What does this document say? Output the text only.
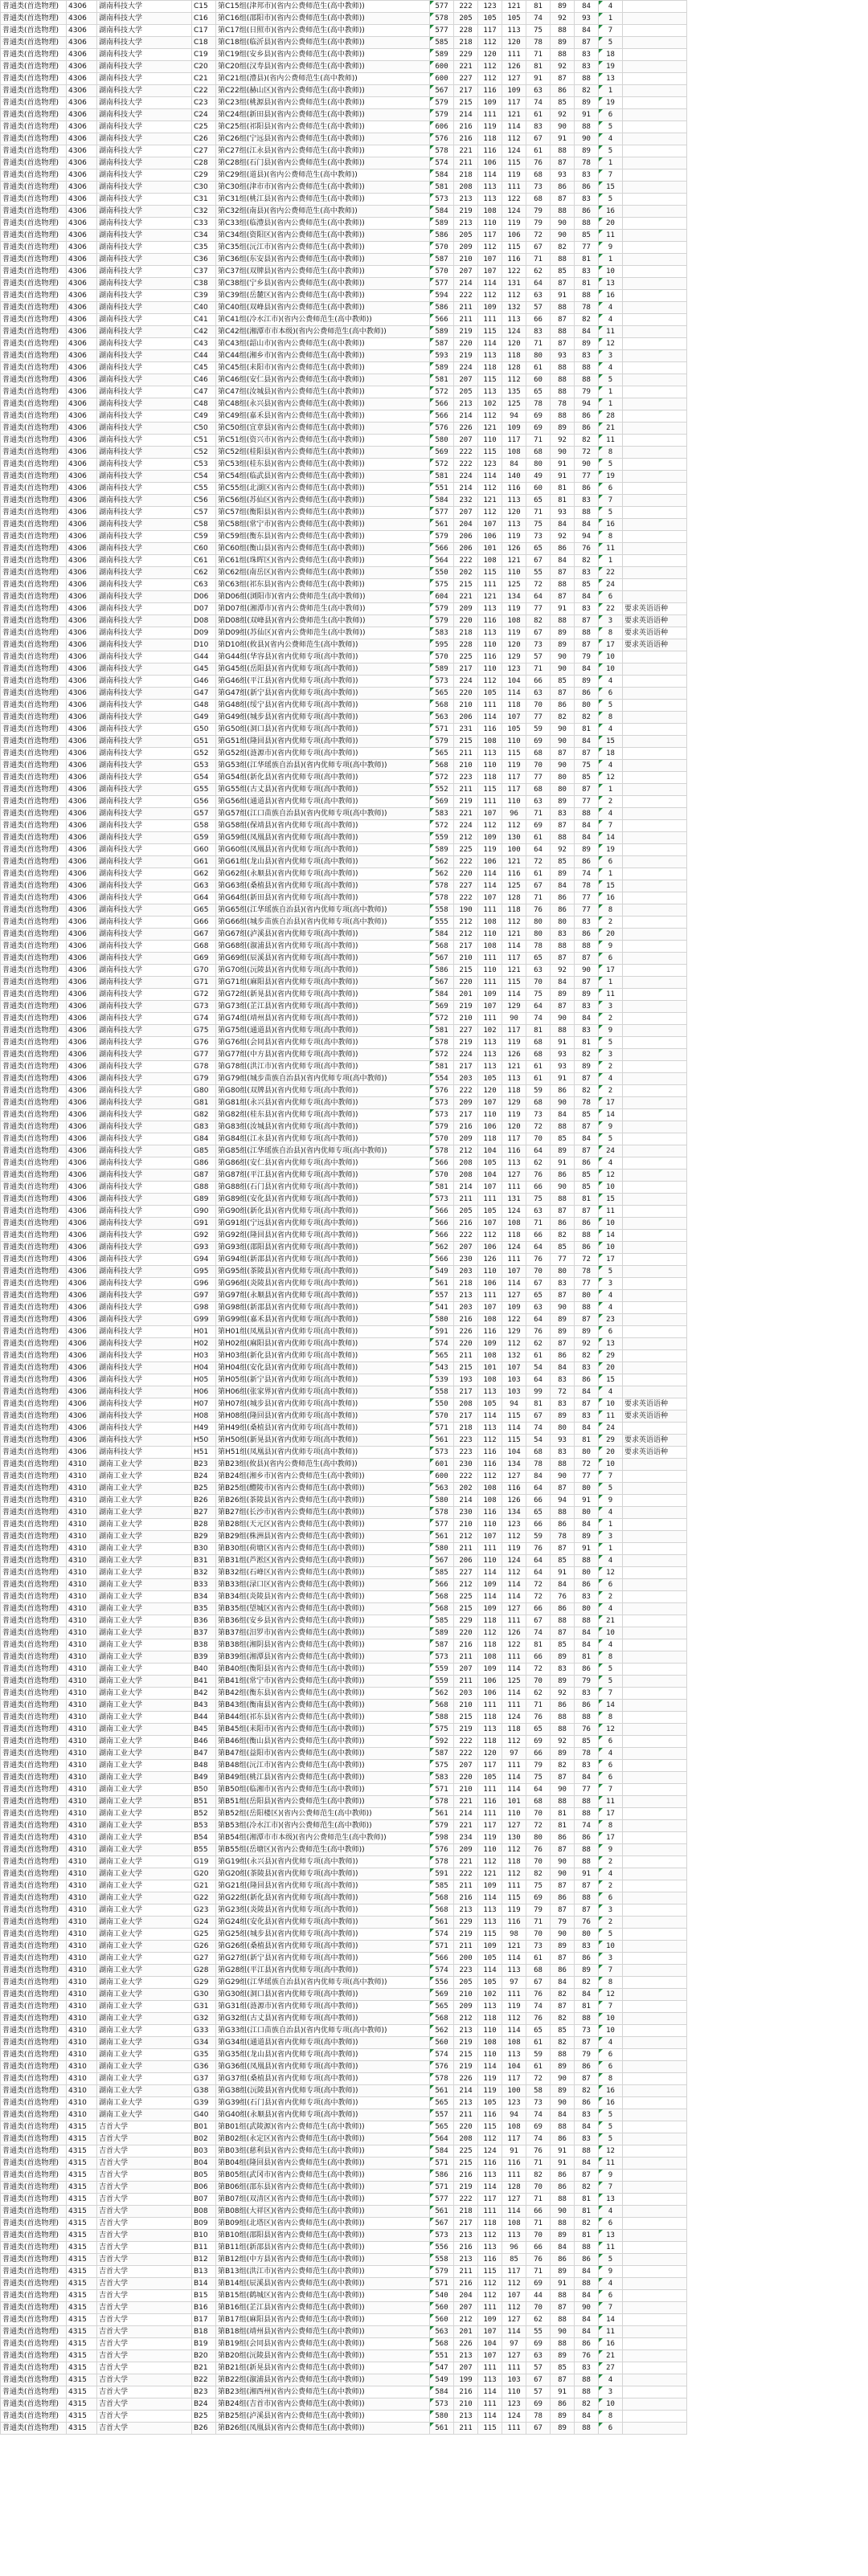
普通类(首选物理)	4306	湖南科技大学	C15	第C15组(津邦市)(省内公费师范生(高中教师))	577	222	123	121	81	89	84	4	
普通类(首选物理)	4306	湖南科技大学	C16	第C16组(邵阳市)(省内公费师范生(高中教师))	578	205	105	105	74	92	93	1	
普通类(首选物理)	4306	湖南科技大学	C17	第C17组(日照市)(省内公费师范生(高中教师))	577	228	117	113	75	88	84	7	
普通类(首选物理)	4306	湖南科技大学	C18	第C18组(临沂县)(省内公费师范生(高中教师))	585	218	112	120	78	89	87	5	
普通类(首选物理)	4306	湖南科技大学	C19	第C19组(安乡县)(省内公费师范生(高中教师))	589	229	120	111	71	88	83	18	
普通类(首选物理)	4306	湖南科技大学	C20	第C20组(汉寿县)(省内公费师范生(高中教师))	600	221	112	126	81	92	83	19	
普通类(首选物理)	4306	湖南科技大学	C21	第C21组(澧县)(省内公费师范生(高中教师))	600	227	112	127	91	87	88	13	
普通类(首选物理)	4306	湖南科技大学	C22	第C22组(赫山区)(省内公费师范生(高中教师))	567	217	116	109	63	86	82	1	
普通类(首选物理)	4306	湖南科技大学	C23	第C23组(桃源县)(省内公费师范生(高中教师))	579	215	109	117	74	85	89	19	
普通类(首选物理)	4306	湖南科技大学	C24	第C24组(新田县)(省内公费师范生(高中教师))	579	214	111	121	61	92	91	6	
普通类(首选物理)	4306	湖南科技大学	C25	第C25组(祁阳县)(省内公费师范生(高中教师))	606	216	119	114	83	90	88	5	
普通类(首选物理)	4306	湖南科技大学	C26	第C26组(宁远县)(省内公费师范生(高中教师))	576	216	118	112	67	91	90	4	
普通类(首选物理)	4306	湖南科技大学	C27	第C27组(江永县)(省内公费师范生(高中教师))	578	221	116	124	61	88	89	5	
普通类(首选物理)	4306	湖南科技大学	C28	第C28组(石门县)(省内公费师范生(高中教师))	574	211	106	115	76	87	78	1	
普通类(首选物理)	4306	湖南科技大学	C29	第C29组(道县)(省内公费师范生(高中教师))	584	218	114	119	68	93	83	7	
普通类(首选物理)	4306	湖南科技大学	C30	第C30组(津市市)(省内公费师范生(高中教师))	581	208	113	111	73	86	86	15	
普通类(首选物理)	4306	湖南科技大学	C31	第C31组(桃江县)(省内公费师范生(高中教师))	573	213	113	122	68	87	83	5	
普通类(首选物理)	4306	湖南科技大学	C32	第C32组(南县)(省内公费师范生(高中教师))	584	219	108	124	79	88	86	16	
普通类(首选物理)	4306	湖南科技大学	C33	第C33组(临澧县)(省内公费师范生(高中教师))	589	213	110	119	79	90	88	20	
普通类(首选物理)	4306	湖南科技大学	C34	第C34组(资阳区)(省内公费师范生(高中教师))	586	205	117	106	72	90	85	11	
普通类(首选物理)	4306	湖南科技大学	C35	第C35组(沅江市)(省内公费师范生(高中教师))	570	209	112	115	67	82	77	9	
普通类(首选物理)	4306	湖南科技大学	C36	第C36组(东安县)(省内公费师范生(高中教师))	587	210	107	116	71	88	81	1	
普通类(首选物理)	4306	湖南科技大学	C37	第C37组(双牌县)(省内公费师范生(高中教师))	570	207	107	122	62	85	83	10	
普通类(首选物理)	4306	湖南科技大学	C38	第C38组(宁乡县)(省内公费师范生(高中教师))	577	214	114	131	64	87	81	13	
普通类(首选物理)	4306	湖南科技大学	C39	第C39组(岳麓区)(省内公费师范生(高中教师))	594	222	112	112	63	91	88	16	
普通类(首选物理)	4306	湖南科技大学	C40	第C40组(双峰县)(省内公费师范生(高中教师))	586	211	109	132	57	88	78	4	
普通类(首选物理)	4306	湖南科技大学	C41	第C41组(冷水江市)(省内公费师范生(高中教师))	566	211	111	113	66	87	82	4	
普通类(首选物理)	4306	湖南科技大学	C42	第C42组(湘潭市市本级)(省内公费师范生(高中教师))	589	219	115	124	83	88	84	11	
普通类(首选物理)	4306	湖南科技大学	C43	第C43组(韶山市)(省内公费师范生(高中教师))	587	220	114	120	71	87	89	12	
普通类(首选物理)	4306	湖南科技大学	C44	第C44组(湘乡市)(省内公费师范生(高中教师))	593	219	113	118	80	93	83	3	
普通类(首选物理)	4306	湖南科技大学	C45	第C45组(耒阳市)(省内公费师范生(高中教师))	589	224	118	128	61	88	88	4	
普通类(首选物理)	4306	湖南科技大学	C46	第C46组(安仁县)(省内公费师范生(高中教师))	581	207	115	112	60	88	88	5	
普通类(首选物理)	4306	湖南科技大学	C47	第C47组(汝城县)(省内公费师范生(高中教师))	572	205	113	135	65	88	79	1	
普通类(首选物理)	4306	湖南科技大学	C48	第C48组(永兴县)(省内公费师范生(高中教师))	566	213	102	125	78	78	94	1	
普通类(首选物理)	4306	湖南科技大学	C49	第C49组(嘉禾县)(省内公费师范生(高中教师))	566	214	112	94	69	88	86	28	
普通类(首选物理)	4306	湖南科技大学	C50	第C50组(宜章县)(省内公费师范生(高中教师))	576	226	121	109	69	89	86	21	
普通类(首选物理)	4306	湖南科技大学	C51	第C51组(资兴市)(省内公费师范生(高中教师))	580	207	110	117	71	92	82	11	
普通类(首选物理)	4306	湖南科技大学	C52	第C52组(桂阳县)(省内公费师范生(高中教师))	569	222	115	108	68	90	72	8	
普通类(首选物理)	4306	湖南科技大学	C53	第C53组(桂东县)(省内公费师范生(高中教师))	572	222	123	84	80	91	90	5	
普通类(首选物理)	4306	湖南科技大学	C54	第C54组(临武县)(省内公费师范生(高中教师))	581	224	114	140	49	91	77	19	
普通类(首选物理)	4306	湖南科技大学	C55	第C55组(北湖区)(省内公费师范生(高中教师))	551	214	112	116	60	81	86	6	
普通类(首选物理)	4306	湖南科技大学	C56	第C56组(苏仙区)(省内公费师范生(高中教师))	584	232	121	113	65	81	83	7	
普通类(首选物理)	4306	湖南科技大学	C57	第C57组(衡阳县)(省内公费师范生(高中教师))	577	207	112	120	71	93	88	5	
普通类(首选物理)	4306	湖南科技大学	C58	第C58组(常宁市)(省内公费师范生(高中教师))	561	204	107	113	75	84	84	16	
普通类(首选物理)	4306	湖南科技大学	C59	第C59组(衡东县)(省内公费师范生(高中教师))	579	206	106	119	73	92	94	8	
普通类(首选物理)	4306	湖南科技大学	C60	第C60组(衡山县)(省内公费师范生(高中教师))	566	206	101	126	65	86	76	11	
普通类(首选物理)	4306	湖南科技大学	C61	第C61组(珠晖区)(省内公费师范生(高中教师))	564	222	108	121	67	84	82	1	
普通类(首选物理)	4306	湖南科技大学	C62	第C62组(南岳区)(省内公费师范生(高中教师))	550	202	115	110	55	87	83	22	
普通类(首选物理)	4306	湖南科技大学	C63	第C63组(祁东县)(省内公费师范生(高中教师))	575	215	111	125	72	88	85	24	
普通类(首选物理)	4306	湖南科技大学	D06	第D06组(浏阳市)(省内公费师范生(高中教师))	604	221	121	134	64	87	84	6	
普通类(首选物理)	4306	湖南科技大学	D07	第D07组(湘潭市)(省内公费师范生(高中教师))	579	209	113	119	77	91	83	22	要求英语语种
普通类(首选物理)	4306	湖南科技大学	D08	第D08组(双峰县)(省内公费师范生(高中教师))	579	220	116	108	82	88	87	3	要求英语语种
普通类(首选物理)	4306	湖南科技大学	D09	第D09组(苏仙区)(省内公费师范生(高中教师))	583	218	113	119	67	89	88	8	要求英语语种
普通类(首选物理)	4306	湖南科技大学	D10	第D10组(攸县)(省内公费师范生(高中教师))	595	228	110	120	73	89	87	17	要求英语语种
普通类(首选物理)	4306	湖南科技大学	G44	第G44组(华容县)(省内优师专项(高中教师))	570	225	116	129	57	90	79	10	
普通类(首选物理)	4306	湖南科技大学	G45	第G45组(岳阳县)(省内优师专项(高中教师))	589	217	110	123	71	90	84	10	
普通类(首选物理)	4306	湖南科技大学	G46	第G46组(平江县)(省内优师专项(高中教师))	573	224	112	104	66	85	89	4	
普通类(首选物理)	4306	湖南科技大学	G47	第G47组(新宁县)(省内优师专项(高中教师))	565	220	105	114	63	87	86	6	
普通类(首选物理)	4306	湖南科技大学	G48	第G48组(绥宁县)(省内优师专项(高中教师))	568	210	111	118	70	86	80	5	
普通类(首选物理)	4306	湖南科技大学	G49	第G49组(城步县)(省内优师专项(高中教师))	563	206	114	107	77	82	82	8	
普通类(首选物理)	4306	湖南科技大学	G50	第G50组(洞口县)(省内优师专项(高中教师))	571	231	116	105	59	90	81	4	
普通类(首选物理)	4306	湖南科技大学	G51	第G51组(隆回县)(省内优师专项(高中教师))	579	215	108	110	69	90	84	15	
普通类(首选物理)	4306	湖南科技大学	G52	第G52组(涟源市)(省内优师专项(高中教师))	565	211	113	115	68	87	87	18	
普通类(首选物理)	4306	湖南科技大学	G53	第G53组(江华瑶族自治县)(省内优师专项(高中教师))	568	210	110	119	70	90	75	4	
普通类(首选物理)	4306	湖南科技大学	G54	第G54组(新化县)(省内优师专项(高中教师))	572	223	118	117	77	80	85	12	
普通类(首选物理)	4306	湖南科技大学	G55	第G55组(古丈县)(省内优师专项(高中教师))	552	211	115	117	68	80	87	1	
普通类(首选物理)	4306	湖南科技大学	G56	第G56组(通道县)(省内优师专项(高中教师))	569	219	111	110	63	89	77	2	
普通类(首选物理)	4306	湖南科技大学	G57	第G57组(江口苗族自治县)(省内优师专项(高中教师))	583	221	107	96	71	83	88	4	
普通类(首选物理)	4306	湖南科技大学	G58	第G58组(保靖县)(省内优师专项(高中教师))	572	224	112	112	69	87	84	7	
普通类(首选物理)	4306	湖南科技大学	G59	第G59组(凤凰县)(省内优师专项(高中教师))	559	212	109	130	61	88	84	14	
普通类(首选物理)	4306	湖南科技大学	G60	第G60组(凤凰县)(省内优师专项(高中教师))	589	225	119	100	64	92	89	19	
普通类(首选物理)	4306	湖南科技大学	G61	第G61组(龙山县)(省内优师专项(高中教师))	562	222	106	121	72	85	86	6	
普通类(首选物理)	4306	湖南科技大学	G62	第G62组(永顺县)(省内优师专项(高中教师))	562	220	114	116	61	89	74	1	
普通类(首选物理)	4306	湖南科技大学	G63	第G63组(桑植县)(省内优师专项(高中教师))	578	227	114	125	67	84	78	15	
普通类(首选物理)	4306	湖南科技大学	G64	第G64组(新田县)(省内优师专项(高中教师))	578	222	107	128	71	86	77	16	
普通类(首选物理)	4306	湖南科技大学	G65	第G65组(江华瑶族自治县)(省内优师专项(高中教师))	558	190	111	118	76	86	77	8	
普通类(首选物理)	4306	湖南科技大学	G66	第G66组(城步苗族自治县)(省内优师专项(高中教师))	555	212	108	112	80	80	83	2	
普通类(首选物理)	4306	湖南科技大学	G67	第G67组(泸溪县)(省内优师专项(高中教师))	584	212	110	121	80	83	86	20	
普通类(首选物理)	4306	湖南科技大学	G68	第G68组(溆浦县)(省内优师专项(高中教师))	568	217	108	114	78	88	88	9	
普通类(首选物理)	4306	湖南科技大学	G69	第G69组(辰溪县)(省内优师专项(高中教师))	567	210	111	117	65	87	87	6	
普通类(首选物理)	4306	湖南科技大学	G70	第G70组(沅陵县)(省内优师专项(高中教师))	586	215	110	121	63	92	90	17	
普通类(首选物理)	4306	湖南科技大学	G71	第G71组(麻阳县)(省内优师专项(高中教师))	567	220	111	115	70	84	87	1	
普通类(首选物理)	4306	湖南科技大学	G72	第G72组(新晃县)(省内优师专项(高中教师))	584	201	109	114	75	89	89	11	
普通类(首选物理)	4306	湖南科技大学	G73	第G73组(芷江县)(省内优师专项(高中教师))	569	219	107	129	64	87	83	3	
普通类(首选物理)	4306	湖南科技大学	G74	第G74组(靖州县)(省内优师专项(高中教师))	572	210	111	90	74	90	84	2	
普通类(首选物理)	4306	湖南科技大学	G75	第G75组(通道县)(省内优师专项(高中教师))	581	227	102	117	81	88	83	9	
普通类(首选物理)	4306	湖南科技大学	G76	第G76组(会同县)(省内优师专项(高中教师))	578	219	113	119	68	91	81	5	
普通类(首选物理)	4306	湖南科技大学	G77	第G77组(中方县)(省内优师专项(高中教师))	572	224	113	126	68	93	82	3	
普通类(首选物理)	4306	湖南科技大学	G78	第G78组(洪江市)(省内优师专项(高中教师))	581	217	113	121	61	93	89	2	
普通类(首选物理)	4306	湖南科技大学	G79	第G79组(城步苗族自治县)(省内优师专项(高中教师))	554	203	105	113	61	91	87	4	
普通类(首选物理)	4306	湖南科技大学	G80	第G80组(双牌县)(省内优师专项(高中教师))	576	222	120	118	59	86	82	2	
普通类(首选物理)	4306	湖南科技大学	G81	第G81组(永兴县)(省内优师专项(高中教师))	573	209	107	129	68	90	78	17	
普通类(首选物理)	4306	湖南科技大学	G82	第G82组(桂东县)(省内优师专项(高中教师))	573	217	110	119	73	84	85	14	
普通类(首选物理)	4306	湖南科技大学	G83	第G83组(汝城县)(省内优师专项(高中教师))	579	216	106	120	72	88	87	9	
普通类(首选物理)	4306	湖南科技大学	G84	第G84组(江永县)(省内优师专项(高中教师))	570	209	118	117	70	85	84	5	
普通类(首选物理)	4306	湖南科技大学	G85	第G85组(江华瑶族自治县)(省内优师专项(高中教师))	578	212	104	116	64	89	87	24	
普通类(首选物理)	4306	湖南科技大学	G86	第G86组(安仁县)(省内优师专项(高中教师))	566	208	105	113	62	91	86	4	
普通类(首选物理)	4306	湖南科技大学	G87	第G87组(平江县)(省内优师专项(高中教师))	570	208	104	127	76	86	85	12	
普通类(首选物理)	4306	湖南科技大学	G88	第G88组(石门县)(省内优师专项(高中教师))	581	214	107	111	66	90	85	10	
普通类(首选物理)	4306	湖南科技大学	G89	第G89组(安化县)(省内优师专项(高中教师))	573	211	111	131	75	88	81	15	
普通类(首选物理)	4306	湖南科技大学	G90	第G90组(新化县)(省内优师专项(高中教师))	566	205	105	124	63	87	87	11	
普通类(首选物理)	4306	湖南科技大学	G91	第G91组(宁远县)(省内优师专项(高中教师))	566	216	107	108	71	86	86	10	
普通类(首选物理)	4306	湖南科技大学	G92	第G92组(隆回县)(省内优师专项(高中教师))	566	222	112	118	66	82	88	14	
普通类(首选物理)	4306	湖南科技大学	G93	第G93组(邵阳县)(省内优师专项(高中教师))	562	207	106	124	64	85	86	10	
普通类(首选物理)	4306	湖南科技大学	G94	第G94组(新邵县)(省内优师专项(高中教师))	566	230	126	111	76	77	72	17	
普通类(首选物理)	4306	湖南科技大学	G95	第G95组(茶陵县)(省内优师专项(高中教师))	549	203	110	107	70	80	78	5	
普通类(首选物理)	4306	湖南科技大学	G96	第G96组(炎陵县)(省内优师专项(高中教师))	561	218	106	114	67	83	77	3	
普通类(首选物理)	4306	湖南科技大学	G97	第G97组(永顺县)(省内优师专项(高中教师))	557	213	111	127	65	87	80	4	
普通类(首选物理)	4306	湖南科技大学	G98	第G98组(新邵县)(省内优师专项(高中教师))	541	203	107	109	63	90	88	4	
普通类(首选物理)	4306	湖南科技大学	G99	第G99组(嘉禾县)(省内优师专项(高中教师))	580	216	108	122	64	89	87	23	
普通类(首选物理)	4306	湖南科技大学	H01	第H01组(凤凰县)(省内优师专项(高中教师))	591	226	116	129	76	89	89	6	
普通类(首选物理)	4306	湖南科技大学	H02	第H02组(麻阳县)(省内优师专项(高中教师))	574	220	109	112	62	87	92	13	
普通类(首选物理)	4306	湖南科技大学	H03	第H03组(新化县)(省内优师专项(高中教师))	565	211	108	132	61	86	82	29	
普通类(首选物理)	4306	湖南科技大学	H04	第H04组(安化县)(省内优师专项(高中教师))	543	215	101	107	54	84	83	20	
普通类(首选物理)	4306	湖南科技大学	H05	第H05组(新宁县)(省内优师专项(高中教师))	539	193	108	103	64	83	86	15	
普通类(首选物理)	4306	湖南科技大学	H06	第H06组(张家界)(省内优师专项(高中教师))	558	217	113	103	99	72	84	4	
普通类(首选物理)	4306	湖南科技大学	H07	第H07组(城步县)(省内优师专项(高中教师))	550	208	105	94	81	83	87	10	要求英语语种
普通类(首选物理)	4306	湖南科技大学	H08	第H08组(隆回县)(省内优师专项(高中教师))	570	217	114	115	67	89	83	11	要求英语语种
普通类(首选物理)	4306	湖南科技大学	H49	第H49组(桑植县)(省内优师专项(高中教师))	571	218	113	114	74	80	84	24	
普通类(首选物理)	4306	湖南科技大学	H50	第H50组(新晃县)(省内优师专项(高中教师))	561	223	112	115	54	93	81	29	要求英语语种
普通类(首选物理)	4306	湖南科技大学	H51	第H51组(凤凰县)(省内优师专项(高中教师))	573	223	116	104	68	83	80	20	要求英语语种
普通类(首选物理)	4310	湖南工业大学	B23	第B23组(攸县)(省内公费师范生(高中教师))	601	230	116	134	78	88	72	10	
普通类(首选物理)	4310	湖南工业大学	B24	第B24组(湘乡市)(省内公费师范生(高中教师))	600	222	112	127	84	90	77	7	
普通类(首选物理)	4310	湖南工业大学	B25	第B25组(醴陵市)(省内公费师范生(高中教师))	563	202	108	116	64	87	80	5	
普通类(首选物理)	4310	湖南工业大学	B26	第B26组(茶陵县)(省内公费师范生(高中教师))	580	214	108	126	66	94	91	9	
普通类(首选物理)	4310	湖南工业大学	B27	第B27组(长沙市)(省内公费师范生(高中教师))	578	230	116	134	65	88	80	4	
普通类(首选物理)	4310	湖南工业大学	B28	第B28组(天元区)(省内公费师范生(高中教师))	577	210	110	123	66	86	84	1	
普通类(首选物理)	4310	湖南工业大学	B29	第B29组(株洲县)(省内公费师范生(高中教师))	561	212	107	112	59	78	89	3	
普通类(首选物理)	4310	湖南工业大学	B30	第B30组(荷塘区)(省内公费师范生(高中教师))	580	211	111	119	76	87	91	1	
普通类(首选物理)	4310	湖南工业大学	B31	第B31组(芦淞区)(省内公费师范生(高中教师))	567	206	110	124	64	85	88	4	
普通类(首选物理)	4310	湖南工业大学	B32	第B32组(石峰区)(省内公费师范生(高中教师))	585	227	114	112	64	91	80	12	
普通类(首选物理)	4310	湖南工业大学	B33	第B33组(渌口区)(省内公费师范生(高中教师))	566	212	109	114	72	84	86	6	
普通类(首选物理)	4310	湖南工业大学	B34	第B34组(炎陵县)(省内公费师范生(高中教师))	568	225	114	114	72	76	83	2	
普通类(首选物理)	4310	湖南工业大学	B35	第B35组(望城区)(省内公费师范生(高中教师))	568	215	109	127	66	86	80	4	
普通类(首选物理)	4310	湖南工业大学	B36	第B36组(安乡县)(省内公费师范生(高中教师))	585	229	118	111	67	88	88	21	
普通类(首选物理)	4310	湖南工业大学	B37	第B37组(汨罗市)(省内公费师范生(高中教师))	589	220	112	126	74	87	84	10	
普通类(首选物理)	4310	湖南工业大学	B38	第B38组(湘阴县)(省内公费师范生(高中教师))	587	216	118	122	81	85	84	4	
普通类(首选物理)	4310	湖南工业大学	B39	第B39组(湘潭县)(省内公费师范生(高中教师))	573	211	108	111	66	89	81	8	
普通类(首选物理)	4310	湖南工业大学	B40	第B40组(衡阳县)(省内公费师范生(高中教师))	559	207	109	114	72	83	86	5	
普通类(首选物理)	4310	湖南工业大学	B41	第B41组(常宁市)(省内公费师范生(高中教师))	559	211	106	125	70	89	79	5	
普通类(首选物理)	4310	湖南工业大学	B42	第B42组(衡东县)(省内公费师范生(高中教师))	562	203	106	114	62	92	83	7	
普通类(首选物理)	4310	湖南工业大学	B43	第B43组(衡南县)(省内公费师范生(高中教师))	568	210	111	111	71	86	86	14	
普通类(首选物理)	4310	湖南工业大学	B44	第B44组(祁东县)(省内公费师范生(高中教师))	588	215	118	124	76	88	88	8	
普通类(首选物理)	4310	湖南工业大学	B45	第B45组(耒阳市)(省内公费师范生(高中教师))	575	219	113	118	65	88	76	12	
普通类(首选物理)	4310	湖南工业大学	B46	第B46组(衡山县)(省内公费师范生(高中教师))	592	222	118	112	69	92	85	6	
普通类(首选物理)	4310	湖南工业大学	B47	第B47组(益阳市)(省内公费师范生(高中教师))	587	222	120	97	66	89	78	4	
普通类(首选物理)	4310	湖南工业大学	B48	第B48组(沅江市)(省内公费师范生(高中教师))	575	207	117	111	79	82	83	6	
普通类(首选物理)	4310	湖南工业大学	B49	第B49组(桃江县)(省内公费师范生(高中教师))	583	220	105	114	75	87	84	6	
普通类(首选物理)	4310	湖南工业大学	B50	第B50组(临湘市)(省内公费师范生(高中教师))	571	210	111	114	64	90	77	7	
普通类(首选物理)	4310	湖南工业大学	B51	第B51组(岳阳县)(省内公费师范生(高中教师))	578	221	116	101	68	88	88	11	
普通类(首选物理)	4310	湖南工业大学	B52	第B52组(岳阳楼区)(省内公费师范生(高中教师))	561	214	111	110	70	81	88	17	
普通类(首选物理)	4310	湖南工业大学	B53	第B53组(冷水江市)(省内公费师范生(高中教师))	579	221	117	127	72	81	74	8	
普通类(首选物理)	4310	湖南工业大学	B54	第B54组(湘潭市市本级)(省内公费师范生(高中教师))	598	234	119	130	80	86	86	17	
普通类(首选物理)	4310	湖南工业大学	B55	第B55组(岳塘区)(省内公费师范生(高中教师))	576	209	110	112	76	87	88	9	
普通类(首选物理)	4310	湖南工业大学	G19	第G19组(永兴县)(省内优师专项(高中教师))	578	221	112	118	70	90	88	2	
普通类(首选物理)	4310	湖南工业大学	G20	第G20组(茶陵县)(省内优师专项(高中教师))	591	222	121	112	82	90	91	4	
普通类(首选物理)	4310	湖南工业大学	G21	第G21组(隆回县)(省内优师专项(高中教师))	585	211	109	111	75	87	87	2	
普通类(首选物理)	4310	湖南工业大学	G22	第G22组(新化县)(省内优师专项(高中教师))	568	216	114	115	69	86	88	6	
普通类(首选物理)	4310	湖南工业大学	G23	第G23组(炎陵县)(省内优师专项(高中教师))	568	213	113	119	79	87	87	3	
普通类(首选物理)	4310	湖南工业大学	G24	第G24组(安化县)(省内优师专项(高中教师))	561	229	113	116	71	79	76	2	
普通类(首选物理)	4310	湖南工业大学	G25	第G25组(城步县)(省内优师专项(高中教师))	574	219	115	98	70	90	80	5	
普通类(首选物理)	4310	湖南工业大学	G26	第G26组(桑植县)(省内优师专项(高中教师))	571	211	109	121	73	89	83	10	
普通类(首选物理)	4310	湖南工业大学	G27	第G27组(新宁县)(省内优师专项(高中教师))	566	200	105	114	61	87	86	3	
普通类(首选物理)	4310	湖南工业大学	G28	第G28组(平江县)(省内优师专项(高中教师))	574	223	114	113	68	86	89	7	
普通类(首选物理)	4310	湖南工业大学	G29	第G29组(江华瑶族自治县)(省内优师专项(高中教师))	556	205	105	97	67	84	82	8	
普通类(首选物理)	4310	湖南工业大学	G30	第G30组(洞口县)(省内优师专项(高中教师))	569	210	102	111	76	82	84	12	
普通类(首选物理)	4310	湖南工业大学	G31	第G31组(涟源市)(省内优师专项(高中教师))	565	209	113	119	74	87	81	7	
普通类(首选物理)	4310	湖南工业大学	G32	第G32组(古丈县)(省内优师专项(高中教师))	568	212	118	112	76	82	88	10	
普通类(首选物理)	4310	湖南工业大学	G33	第G33组(江口苗族自治县)(省内优师专项(高中教师))	562	213	110	114	65	85	73	10	
普通类(首选物理)	4310	湖南工业大学	G34	第G34组(通道县)(省内优师专项(高中教师))	560	219	108	108	61	82	87	4	
普通类(首选物理)	4310	湖南工业大学	G35	第G35组(龙山县)(省内优师专项(高中教师))	574	215	110	113	59	88	79	6	
普通类(首选物理)	4310	湖南工业大学	G36	第G36组(凤凰县)(省内优师专项(高中教师))	576	219	114	104	61	89	86	6	
普通类(首选物理)	4310	湖南工业大学	G37	第G37组(桑植县)(省内优师专项(高中教师))	578	226	119	117	72	90	87	8	
普通类(首选物理)	4310	湖南工业大学	G38	第G38组(沅陵县)(省内优师专项(高中教师))	561	214	119	100	58	89	82	16	
普通类(首选物理)	4310	湖南工业大学	G39	第G39组(石门县)(省内优师专项(高中教师))	565	213	105	123	73	90	86	16	
普通类(首选物理)	4310	湖南工业大学	G40	第G40组(永顺县)(省内优师专项(高中教师))	557	211	116	94	74	84	83	5	
普通类(首选物理)	4315	吉首大学	B01	第B01组(武陵源)(省内公费师范生(高中教师))	565	220	115	108	69	88	84	5	
普通类(首选物理)	4315	吉首大学	B02	第B02组(永定区)(省内公费师范生(高中教师))	564	208	112	117	74	86	83	5	
普通类(首选物理)	4315	吉首大学	B03	第B03组(慈利县)(省内公费师范生(高中教师))	584	225	124	91	76	91	88	12	
普通类(首选物理)	4315	吉首大学	B04	第B04组(隆回县)(省内公费师范生(高中教师))	571	215	116	116	71	91	84	11	
普通类(首选物理)	4315	吉首大学	B05	第B05组(武冈市)(省内公费师范生(高中教师))	586	216	113	111	82	86	87	9	
普通类(首选物理)	4315	吉首大学	B06	第B06组(邵东县)(省内公费师范生(高中教师))	571	219	114	128	70	86	82	7	
普通类(首选物理)	4315	吉首大学	B07	第B07组(双清区)(省内公费师范生(高中教师))	577	222	117	127	71	88	81	13	
普通类(首选物理)	4315	吉首大学	B08	第B08组(大祥区)(省内公费师范生(高中教师))	561	218	111	114	66	90	81	4	
普通类(首选物理)	4315	吉首大学	B09	第B09组(北塔区)(省内公费师范生(高中教师))	567	217	118	108	71	88	82	6	
普通类(首选物理)	4315	吉首大学	B10	第B10组(邵阳县)(省内公费师范生(高中教师))	573	213	112	113	70	89	81	13	
普通类(首选物理)	4315	吉首大学	B11	第B11组(新邵县)(省内公费师范生(高中教师))	556	216	113	96	66	84	88	11	
普通类(首选物理)	4315	吉首大学	B12	第B12组(中方县)(省内公费师范生(高中教师))	558	213	116	85	76	86	86	5	
普通类(首选物理)	4315	吉首大学	B13	第B13组(洪江市)(省内公费师范生(高中教师))	579	211	115	117	71	89	84	9	
普通类(首选物理)	4315	吉首大学	B14	第B14组(辰溪县)(省内公费师范生(高中教师))	571	216	112	112	69	91	88	4	
普通类(首选物理)	4315	吉首大学	B15	第B15组(鹤城区)(省内公费师范生(高中教师))	540	204	112	107	44	88	84	6	
普通类(首选物理)	4315	吉首大学	B16	第B16组(芷江县)(省内公费师范生(高中教师))	560	207	111	112	70	87	90	7	
普通类(首选物理)	4315	吉首大学	B17	第B17组(麻阳县)(省内公费师范生(高中教师))	560	212	109	127	62	88	84	14	
普通类(首选物理)	4315	吉首大学	B18	第B18组(靖州县)(省内公费师范生(高中教师))	563	201	107	114	55	90	84	11	
普通类(首选物理)	4315	吉首大学	B19	第B19组(会同县)(省内公费师范生(高中教师))	568	226	104	97	69	88	86	16	
普通类(首选物理)	4315	吉首大学	B20	第B20组(沅陵县)(省内公费师范生(高中教师))	551	213	107	127	63	89	76	21	
普通类(首选物理)	4315	吉首大学	B21	第B21组(新晃县)(省内公费师范生(高中教师))	547	207	111	111	57	85	83	27	
普通类(首选物理)	4315	吉首大学	B22	第B22组(溆浦县)(省内公费师范生(高中教师))	549	199	113	103	67	87	88	4	
普通类(首选物理)	4315	吉首大学	B23	第B23组(湘西州)(省内公费师范生(高中教师))	584	216	114	110	57	91	88	3	
普通类(首选物理)	4315	吉首大学	B24	第B24组(吉首市)(省内公费师范生(高中教师))	573	210	111	123	69	86	82	10	
普通类(首选物理)	4315	吉首大学	B25	第B25组(泸溪县)(省内公费师范生(高中教师))	580	213	114	124	78	89	84	8	
普通类(首选物理)	4315	吉首大学	B26	第B26组(凤凰县)(省内公费师范生(高中教师))	561	211	115	111	67	89	88	6	
